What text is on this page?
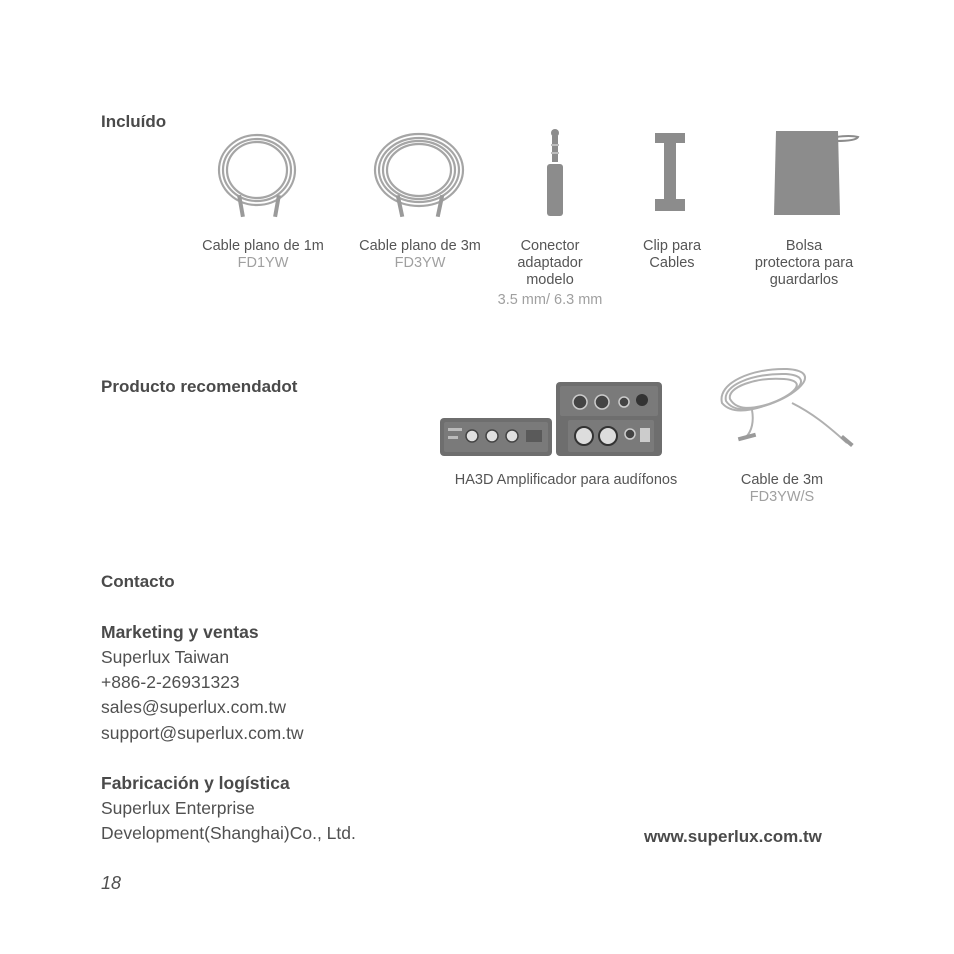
Incluído
Cable plano de 1m
FD1YW
Cable plano de 3m
FD3YW
Conector
adaptador
modelo
3.5 mm/ 6.3 mm
Clip para
Cables
Bolsa
protectora para
guardarlos
Producto recomendadot
HA3D Amplificador para audífonos	Cable de 3m
FD3YW/S
Contacto
Marketing y ventas
Superlux Taiwan
+886-2-26931323
sales@superlux.com.tw
support@superlux.com.tw
Fabricación y logística
Superlux Enterprise
Development(Shanghai)Co., Ltd.	www.superlux.com.tw
18
